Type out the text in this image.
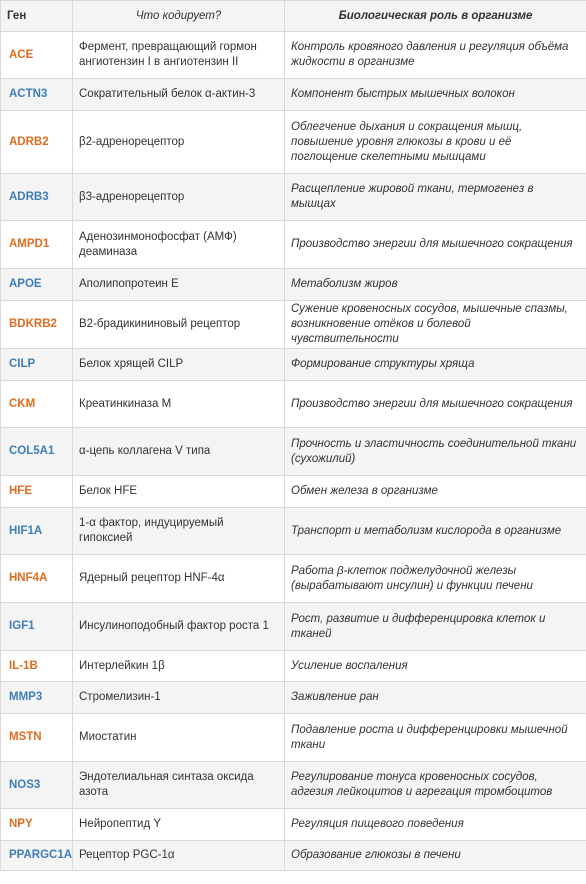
Ген	Что кодирует?	Биологическая роль в организме
ACE	Фермент, превращающий гормон ангиотензин I в ангиотензин II	Контроль кровяного давления и регуляция объёма жидкости в организме
ACTN3	Сократительный белок α-актин-3	Компонент быстрых мышечных волокон
ADRB2	β2-адренорецептор	Облегчение дыхания и сокращения мышц, повышение уровня глюкозы в крови и её поглощение скелетными мышцами
ADRB3	β3-адренорецептор	Расщепление жировой ткани, термогенез в мышцах
AMPD1	Аденозинмонофосфат (АМФ) деаминаза	Производство энергии для мышечного сокращения
APOE	Аполипопротеин E	Метаболизм жиров
BDKRB2	B2-брадикининовый рецептор	Сужение кровеносных сосудов, мышечные спазмы, возникновение отёков и болевой чувствительности
CILP	Белок хрящей CILP	Формирование структуры хряща
CKM	Креатинкиназа M	Производство энергии для мышечного сокращения
COL5A1	α-цепь коллагена V типа	Прочность и эластичность соединительной ткани (сухожилий)
HFE	Белок HFE	Обмен железа в организме
HIF1A	1-α фактор, индуцируемый гипоксией	Транспорт и метаболизм кислорода в организме
HNF4A	Ядерный рецептор HNF-4α	Работа β-клеток поджелудочной железы (вырабатывают инсулин) и функции печени
IGF1	Инсулиноподобный фактор роста 1	Рост, развитие и дифференцировка клеток и тканей
IL-1B	Интерлейкин 1β	Усиление воспаления
MMP3	Стромелизин-1	Заживление ран
MSTN	Миостатин	Подавление роста и дифференцировки мышечной ткани
NOS3	Эндотелиальная синтаза оксида азота	Регулирование тонуса кровеносных сосудов, адгезия лейкоцитов и агрегация тромбоцитов
NPY	Нейропептид Y	Регуляция пищевого поведения
PPARGC1A	Рецептор PGC-1α	Образование глюкозы в печени
